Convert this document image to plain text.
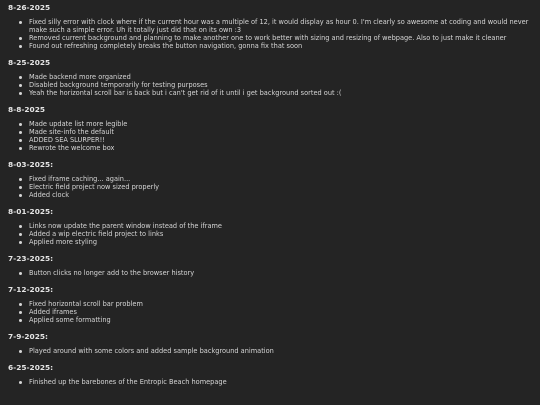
8-26-2025
Fixed silly error with clock where if the current hour was a multiple of 12, it would display as hour 0. I'm clearly so awesome at coding and would never make such a simple error. Uh it totally just did that on its own :3
Removed current background and planning to make another one to work better with sizing and resizing of webpage. Also to just make it cleaner
Found out refreshing completely breaks the button navigation, gonna fix that soon
8-25-2025
Made backend more organized
Disabled background temporarily for testing purposes
Yeah the horizontal scroll bar is back but i can't get rid of it until i get background sorted out :(
8-8-2025
Made update list more legible
Made site-info the default
ADDED SEA SLURPER!!
Rewrote the welcome box
8-03-2025:
Fixed iframe caching... again...
Electric field project now sized properly
Added clock
8-01-2025:
Links now update the parent window instead of the iframe
Added a wip electric field project to links
Applied more styling
7-23-2025:
Button clicks no longer add to the browser history
7-12-2025:
Fixed horizontal scroll bar problem
Added iframes
Applied some formatting
7-9-2025:
Played around with some colors and added sample background animation
6-25-2025:
Finished up the barebones of the Entropic Beach homepage
